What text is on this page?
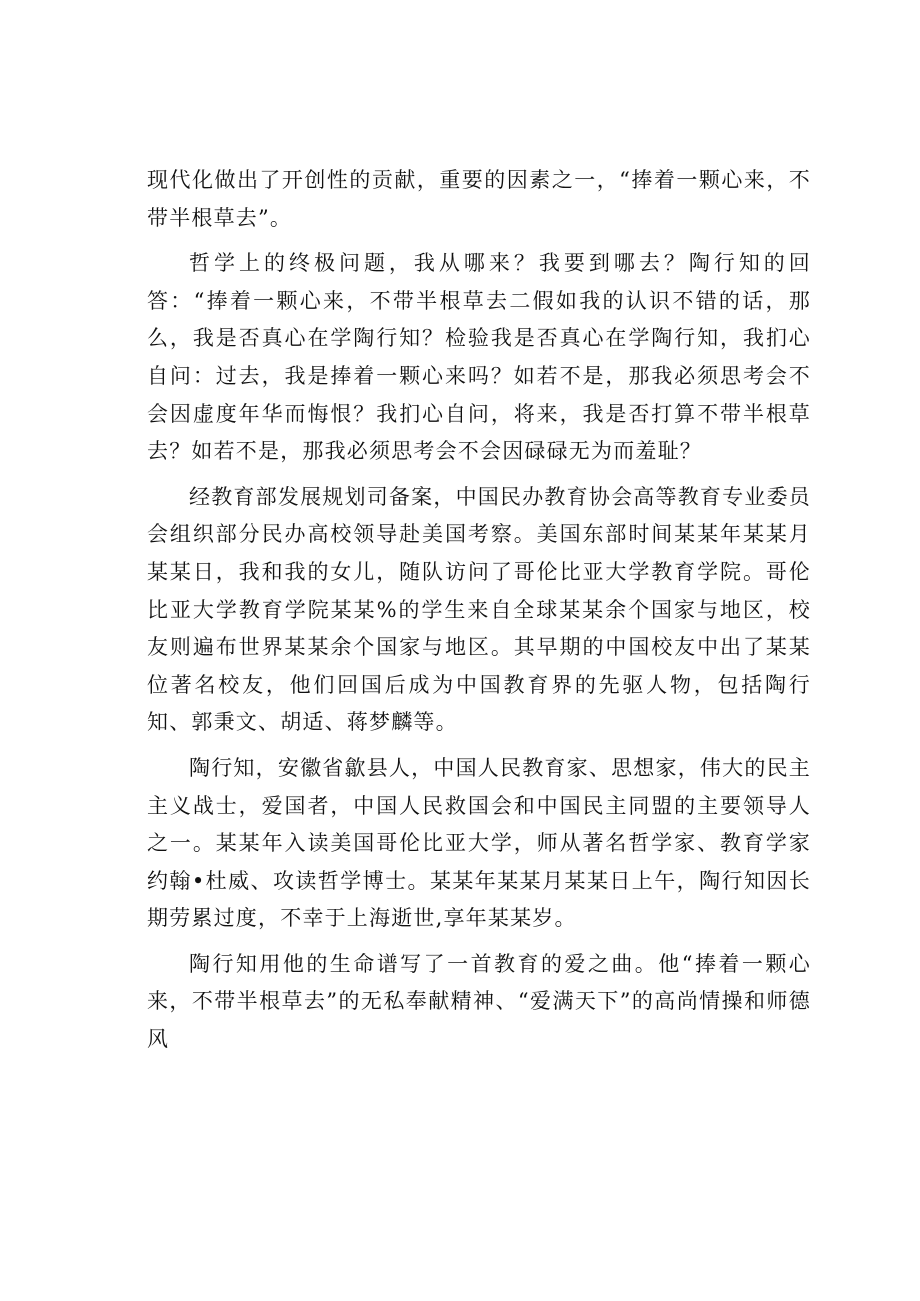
现代化做出了开创性的贡献，重要的因素之一，“捧着一颗心来，不带半根草去”。

哲学上的终极问题，我从哪来？我要到哪去？陶行知的回答：“捧着一颗心来，不带半根草去二假如我的认识不错的话，那么，我是否真心在学陶行知？检验我是否真心在学陶行知，我扪心自问：过去，我是捧着一颗心来吗？如若不是，那我必须思考会不会因虚度年华而悔恨？我扪心自问，将来，我是否打算不带半根草去？如若不是，那我必须思考会不会因碌碌无为而羞耻？

经教育部发展规划司备案，中国民办教育协会高等教育专业委员会组织部分民办高校领导赴美国考察。美国东部时间某某年某某月某某日，我和我的女儿，随队访问了哥伦比亚大学教育学院。哥伦比亚大学教育学院某某%的学生来自全球某某余个国家与地区，校友则遍布世界某某余个国家与地区。其早期的中国校友中出了某某位著名校友，他们回国后成为中国教育界的先驱人物，包括陶行知、郭秉文、胡适、蒋梦麟等。

陶行知，安徽省歙县人，中国人民教育家、思想家，伟大的民主主义战士，爱国者，中国人民救国会和中国民主同盟的主要领导人之一。某某年入读美国哥伦比亚大学，师从著名哲学家、教育学家约翰•杜威、攻读哲学博士。某某年某某月某某日上午，陶行知因长期劳累过度，不幸于上海逝世,享年某某岁。

陶行知用他的生命谱写了一首教育的爱之曲。他“捧着一颗心来，不带半根草去”的无私奉献精神、“爱满天下”的高尚情操和师德风
